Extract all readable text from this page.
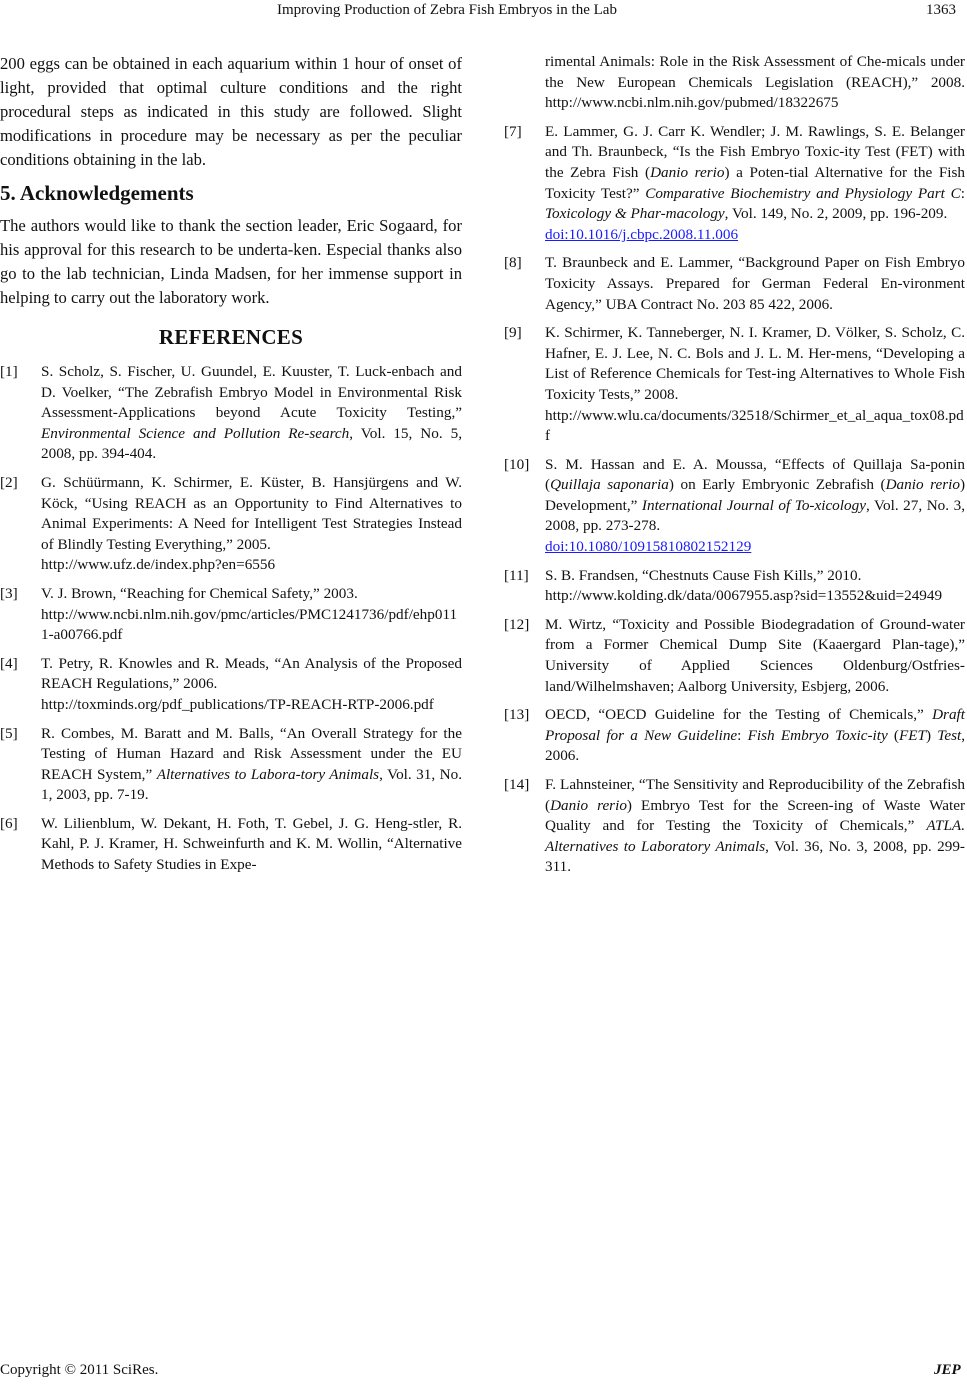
Improving Production of Zebra Fish Embryos in the Lab	1363

200 eggs can be obtained in each aquarium within 1 hour of onset of light, provided that optimal culture conditions and the right procedural steps as indicated in this study are followed. Slight modifications in procedure may be necessary as per the peculiar conditions obtaining in the lab.

5. Acknowledgements

The authors would like to thank the section leader, Eric Sogaard, for his approval for this research to be underta-ken. Especial thanks also go to the lab technician, Linda Madsen, for her immense support in helping to carry out the laboratory work.

REFERENCES
[1] S. Scholz, S. Fischer, U. Guundel, E. Kuuster, T. Luck-enbach and D. Voelker, “The Zebrafish Embryo Model in Environmental Risk Assessment-Applications beyond Acute Toxicity Testing,” Environmental Science and Pollution Re-search, Vol. 15, No. 5, 2008, pp. 394-404.
[2] G. Schüürmann, K. Schirmer, E. Küster, B. Hansjürgens and W. Köck, “Using REACH as an Opportunity to Find Alternatives to Animal Experiments: A Need for Intelligent Test Strategies Instead of Blindly Testing Everything,” 2005.
http://www.ufz.de/index.php?en=6556
[3] V. J. Brown, “Reaching for Chemical Safety,” 2003.
http://www.ncbi.nlm.nih.gov/pmc/articles/PMC1241736/pdf/ehp0111-a00766.pdf
[4] T. Petry, R. Knowles and R. Meads, “An Analysis of the Proposed REACH Regulations,” 2006.
http://toxminds.org/pdf_publications/TP-REACH-RTP-2006.pdf
[5] R. Combes, M. Baratt and M. Balls, “An Overall Strategy for the Testing of Human Hazard and Risk Assessment under the EU REACH System,” Alternatives to Labora-tory Animals, Vol. 31, No. 1, 2003, pp. 7-19.
[6] W. Lilienblum, W. Dekant, H. Foth, T. Gebel, J. G. Heng-stler, R. Kahl, P. J. Kramer, H. Schweinfurth and K. M. Wollin, “Alternative Methods to Safety Studies in Expe-
rimental Animals: Role in the Risk Assessment of Che-micals under the New European Chemicals Legislation (REACH),” 2008. http://www.ncbi.nlm.nih.gov/pubmed/18322675
[7] E. Lammer, G. J. Carr K. Wendler; J. M. Rawlings, S. E. Belanger and Th. Braunbeck, “Is the Fish Embryo Toxic-ity Test (FET) with the Zebra Fish (Danio rerio) a Poten-tial Alternative for the Fish Toxicity Test?” Comparative Biochemistry and Physiology Part C: Toxicology & Phar-macology, Vol. 149, No. 2, 2009, pp. 196-209.
doi:10.1016/j.cbpc.2008.11.006
[8] T. Braunbeck and E. Lammer, “Background Paper on Fish Embryo Toxicity Assays. Prepared for German Federal En-vironment Agency,” UBA Contract No. 203 85 422, 2006.
[9] K. Schirmer, K. Tanneberger, N. I. Kramer, D. Völker, S. Scholz, C. Hafner, E. J. Lee, N. C. Bols and J. L. M. Her-mens, “Developing a List of Reference Chemicals for Test-ing Alternatives to Whole Fish Toxicity Tests,” 2008.
http://www.wlu.ca/documents/32518/Schirmer_et_al_aqua_tox08.pdf
[10] S. M. Hassan and E. A. Moussa, “Effects of Quillaja Sa-ponin (Quillaja saponaria) on Early Embryonic Zebrafish (Danio rerio) Development,” International Journal of To-xicology, Vol. 27, No. 3, 2008, pp. 273-278.
doi:10.1080/10915810802152129
[11] S. B. Frandsen, “Chestnuts Cause Fish Kills,” 2010.
http://www.kolding.dk/data/0067955.asp?sid=13552&uid=24949
[12] M. Wirtz, “Toxicity and Possible Biodegradation of Ground-water from a Former Chemical Dump Site (Kaaergard Plan-tage),” University of Applied Sciences Oldenburg/Ostfries-land/Wilhelmshaven; Aalborg University, Esbjerg, 2006.
[13] OECD, “OECD Guideline for the Testing of Chemicals,” Draft Proposal for a New Guideline: Fish Embryo Toxic-ity (FET) Test, 2006.
[14] F. Lahnsteiner, “The Sensitivity and Reproducibility of the Zebrafish (Danio rerio) Embryo Test for the Screen-ing of Waste Water Quality and for Testing the Toxicity of Chemicals,” ATLA. Alternatives to Laboratory Animals, Vol. 36, No. 3, 2008, pp. 299-311.
Copyright © 2011 SciRes.	JEP
